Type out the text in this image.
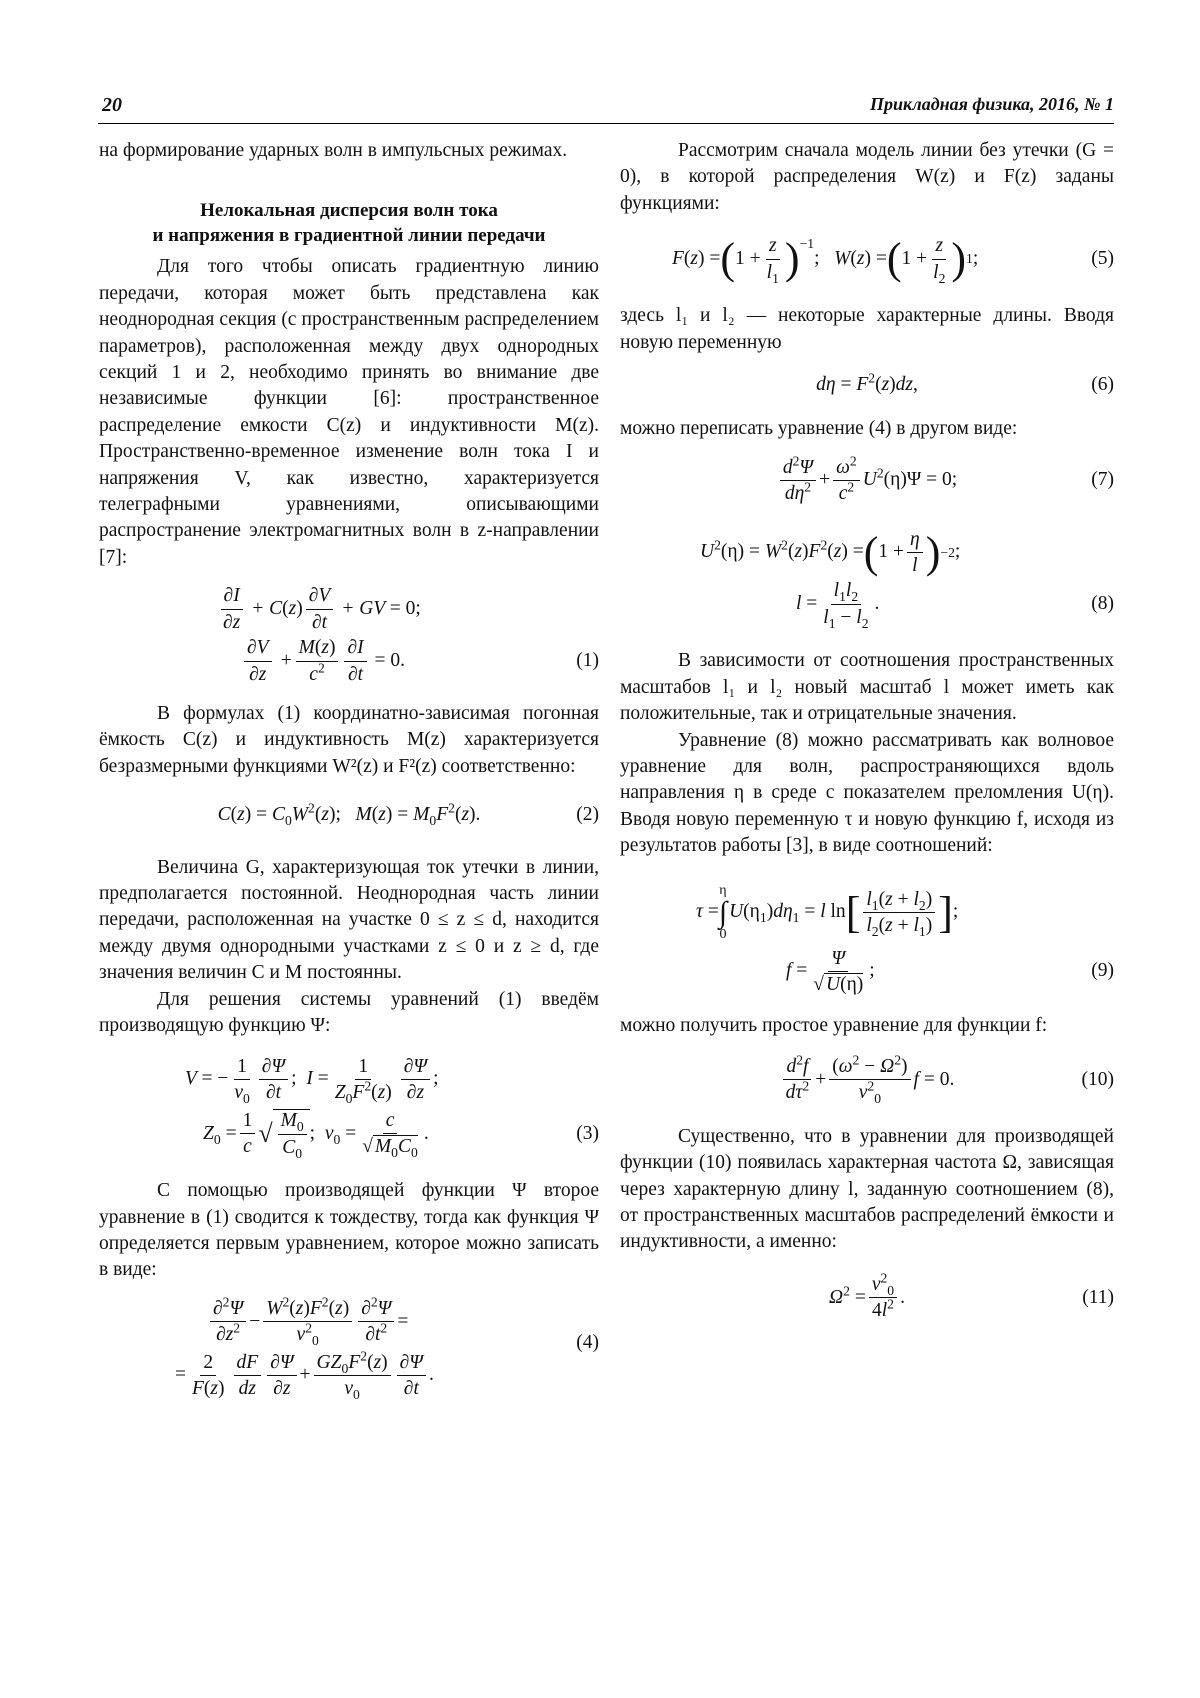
20	Прикладная физика, 2016, № 1

на формирование ударных волн в импульсных режимах.

Нелокальная дисперсия волн тока
и напряжения в градиентной линии передачи

Для того чтобы описать градиентную линию передачи, которая может быть представлена как неоднородная секция (с пространственным распределением параметров), расположенная между двух однородных секций 1 и 2, необходимо принять во внимание две независимые функции [6]: пространственное распределение емкости C(z) и индуктивности M(z). Пространственно-временное изменение волн тока I и напряжения V, как известно, характеризуется телеграфными уравнениями, описывающими распространение электромагнитных волн в z-направлении [7]:

$\frac{\partial I}{\partial z} + C(z) \frac{\partial V}{\partial t}$ + GV = 0;
$\frac{\partial V}{\partial z} + \frac{M(z)}{c^2} \frac{\partial I}{\partial t} = 0$.	(1)

В формулах (1) координатно-зависимая погонная ёмкость C(z) и индуктивность M(z) характеризуется безразмерными функциями W²(z) и F²(z) соответственно:

$C(z) = C_0W^2(z)$;   $M(z) = M_0F^2(z)$.	(2)

Величина G, характеризующая ток утечки в линии, предполагается постоянной. Неоднородная часть линии передачи, расположенная на участке 0 ≤ z ≤ d, находится между двумя однородными участками z ≤ 0 и z ≥ d, где значения величин C и M постоянны.

Для решения системы уравнений (1) введём производящую функцию Ψ:

V = − $\frac{1}{v_0} \frac{\partial\Psi}{\partial t}$ ; $I = \frac{1}{Z_0F^2(z)} \frac{\partial\Psi}{\partial z}$ ;
$Z_0 = \frac{1}{c}$ √ $\frac{M_0}{C_0}$ ; $v_0 = \frac{c}{√ M_0C_0}$ .	(3)

С помощью производящей функции Ψ второе уравнение в (1) сводится к тождеству, тогда как функция Ψ определяется первым уравнением, которое можно записать в виде:

$\frac{\partial^2\Psi}{\partial z^2} - \frac{W^2(z)F^2(z)}{v^2_0} \frac{\partial^2\Psi}{\partial t^2}$ =
= $\frac{2}{F(z)} \frac{dF}{dz} \frac{\partial\Psi}{\partial z} + \frac{GZ_0F^2(z)}{v_0} \frac{\partial\Psi}{\partial t}$ .
(4)

Рассмотрим сначала модель линии без утечки (G = 0), в которой распределения W(z) и F(z) заданы функциями:

F(z) = ( $1 + \frac{z}{l_1}$ ) −1
; W(z) = ( $1 + \frac{z}{l_2}$ ) 1 ;	(5)

здесь l₁ и l₂ — некоторые характерные длины. Вводя новую переменную

$d\eta = F^2(z)dz$,	(6)

можно переписать уравнение (4) в другом виде:

$\frac{d^2\Psi}{d\eta^2} + \frac{\omega^2}{c^2} U^2(\eta)\Psi = 0$;	(7)
$U^2(\eta) = W^2(z)F^2(z)$ = ( $1 + \frac{\eta}{l}$ ) −2 ;
$l = \frac{l_1l_2}{l_1 - l_2}$ .	(8)

В зависимости от соотношения пространственных масштабов l₁ и l₂ новый масштаб l может иметь как положительные, так и отрицательные значения.

Уравнение (8) можно рассматривать как волновое уравнение для волн, распространяющихся вдоль направления η в среде с показателем преломления U(η). Вводя новую переменную τ и новую функцию f, исходя из результатов работы [3], в виде соотношений:

τ =
η
∫
0
$U(\eta_1)d\eta_1 = l$ ln [ $\frac{l_1(z + l_2)}{l_2(z + l_1)}$ ] ;
$f = \frac{\Psi}{√ U(\eta)}$ ;	(9)

можно получить простое уравнение для функции f:

$\frac{d^2f}{d\tau^2} + \frac{(\omega^2 - \Omega^2)}{v^2_0}$ f = 0.	(10)

Существенно, что в уравнении для производящей функции (10) появилась характерная частота Ω, зависящая через характерную длину l, заданную соотношением (8), от пространственных масштабов распределений ёмкости и индуктивности, а именно:

$\Omega^2 = \frac{v^2_0}{4l^2}$ .	(11)
